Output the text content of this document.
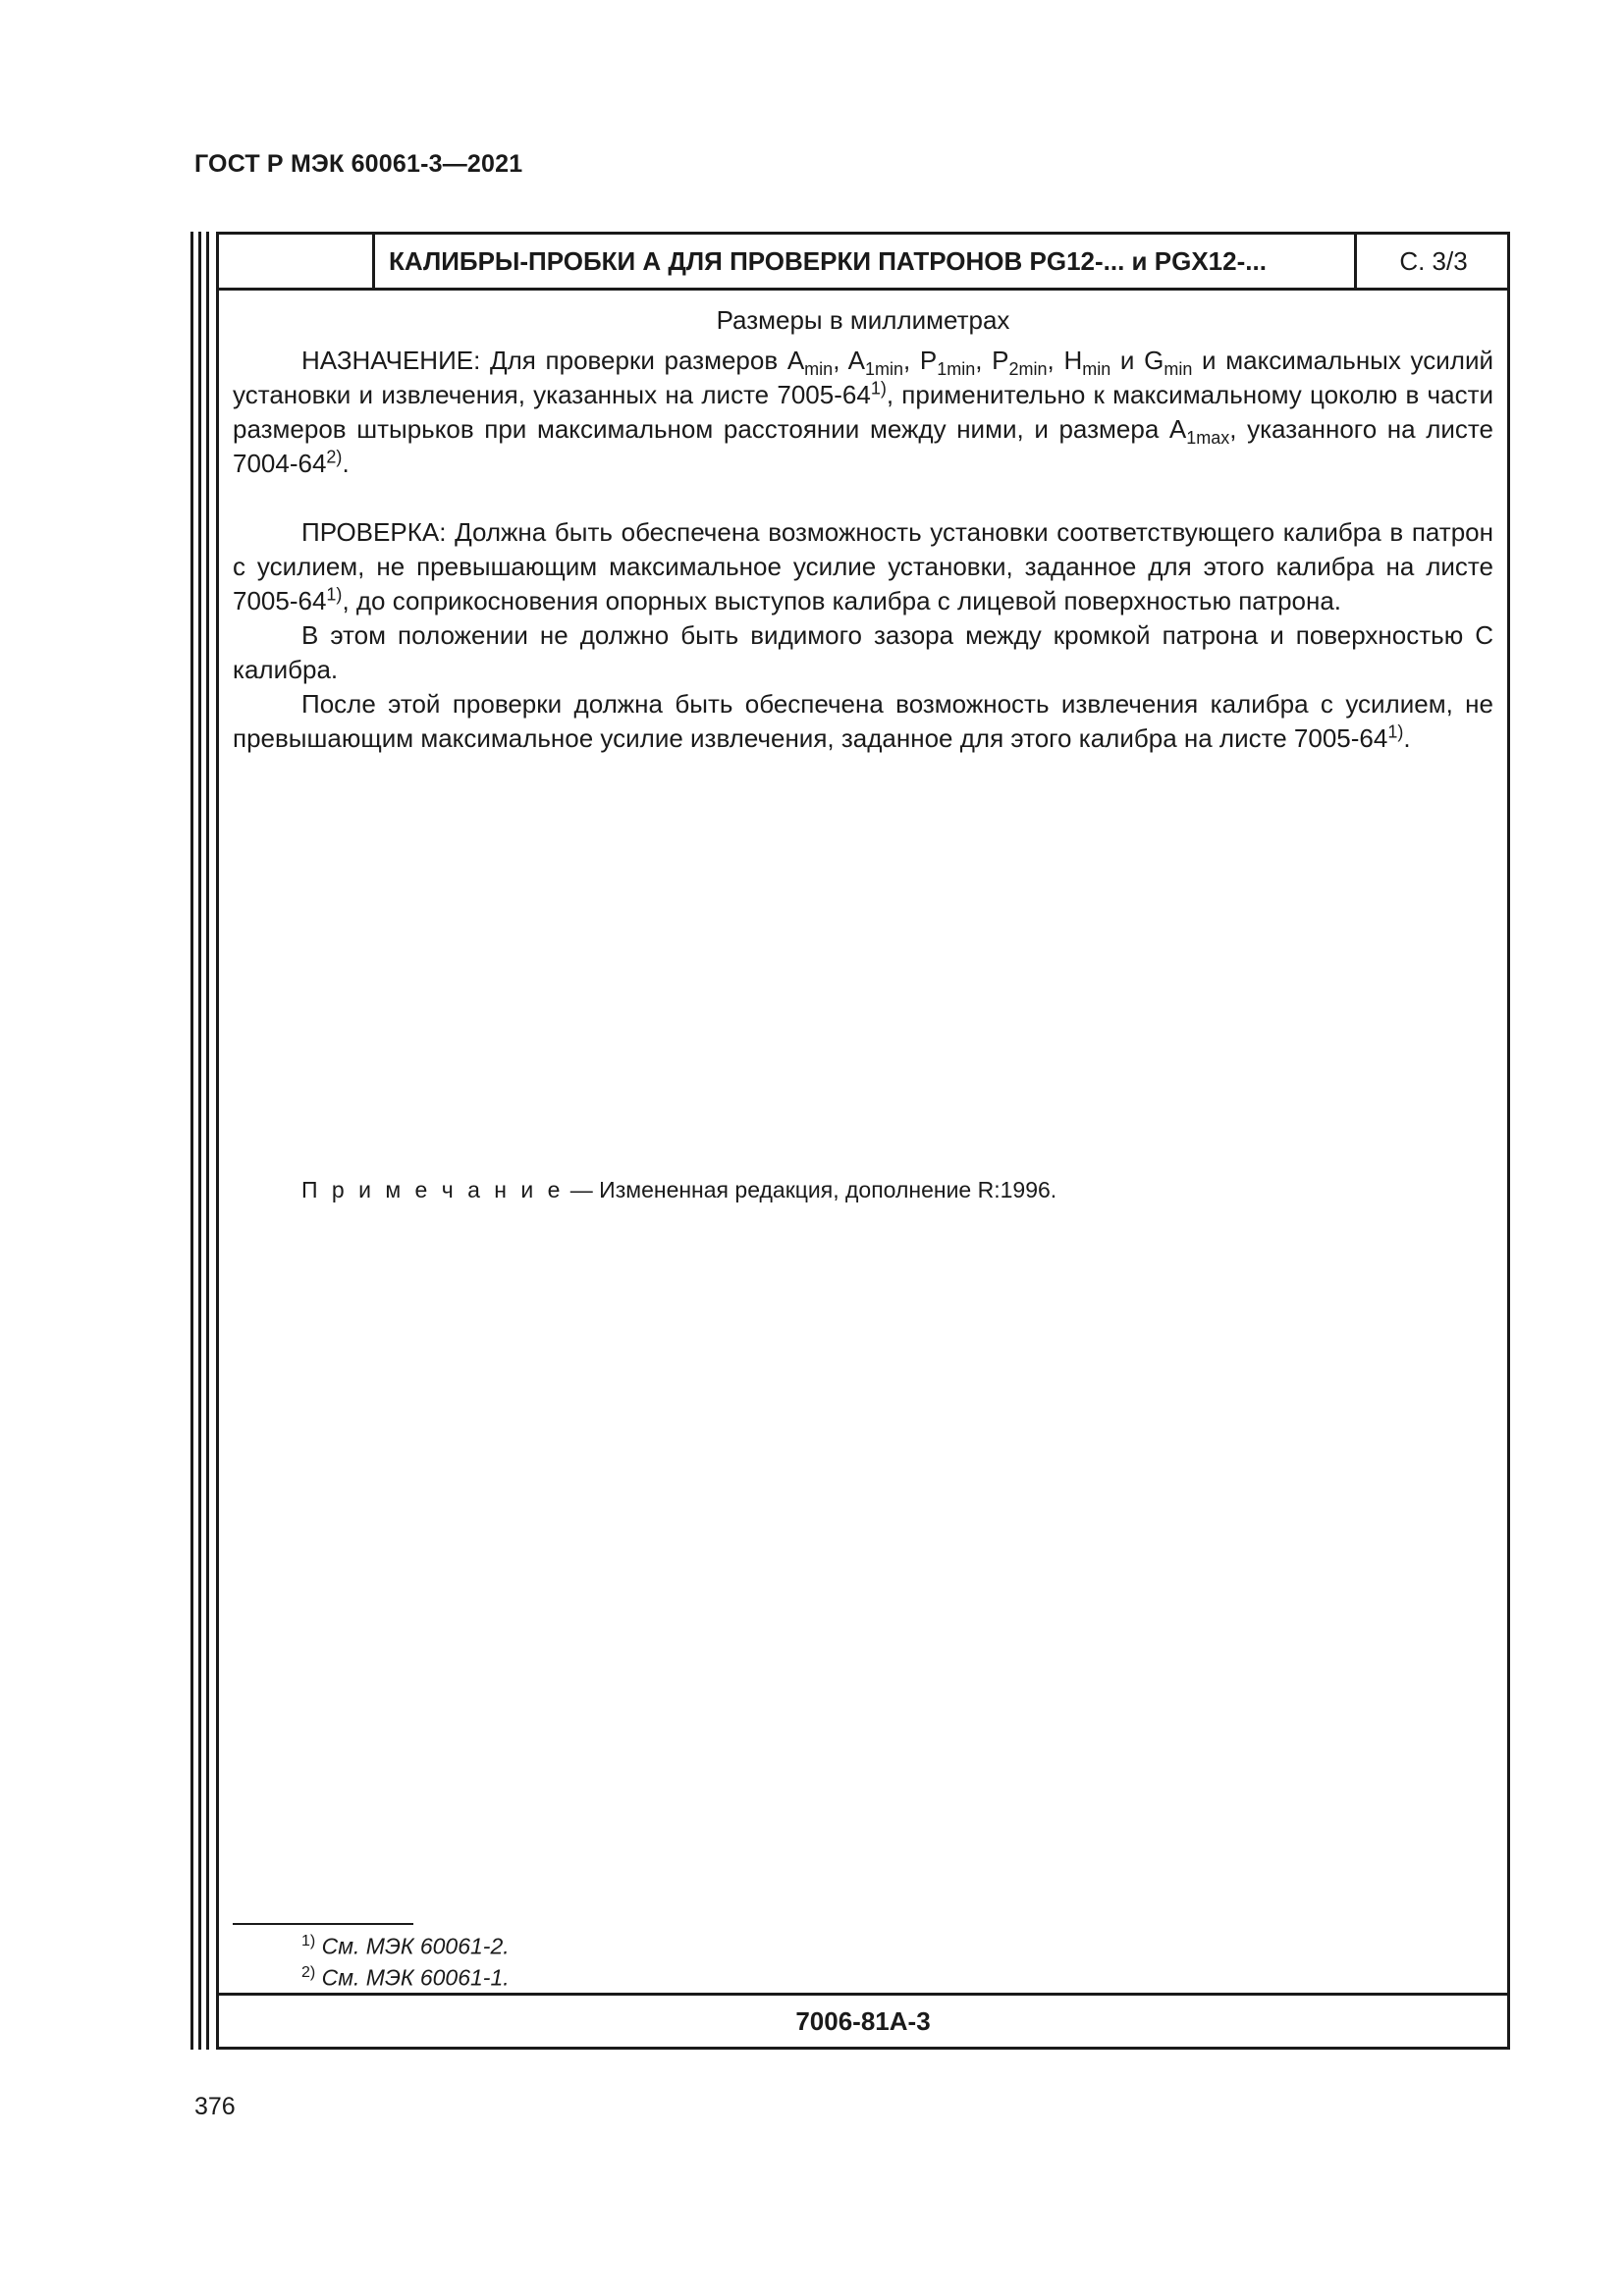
ГОСТ Р МЭК 60061-3—2021
КАЛИБРЫ-ПРОБКИ А ДЛЯ ПРОВЕРКИ ПАТРОНОВ PG12-... и PGX12-...	С. 3/3
Размеры в миллиметрах

НАЗНАЧЕНИЕ: Для проверки размеров $A_{min}$, $A_{1min}$, $P_{1min}$, $P_{2min}$, $H_{min}$ и $G_{min}$ и максимальных усилий установки и извлечения, указанных на листе 7005-64$^{1)}$, применительно к максимальному цоколю в части размеров штырьков при максимальном расстоянии между ними, и размера $A_{1max}$, указанного на листе 7004-64$^{2)}$.

ПРОВЕРКА: Должна быть обеспечена возможность установки соответствующего калибра в патрон с усилием, не превышающим максимальное усилие установки, заданное для этого калибра на листе 7005-64$^{1)}$, до соприкосновения опорных выступов калибра с лицевой поверхностью патрона.

В этом положении не должно быть видимого зазора между кромкой патрона и поверхностью C калибра.

После этой проверки должна быть обеспечена возможность извлечения калибра с усилием, не превышающим максимальное усилие извлечения, заданное для этого калибра на листе 7005-64$^{1)}$.

П р и м е ч а н и е — Измененная редакция, дополнение R:1996.
$^{1)}$ См. МЭК 60061-2.
$^{2)}$ См. МЭК 60061-1.
7006-81A-3
376
